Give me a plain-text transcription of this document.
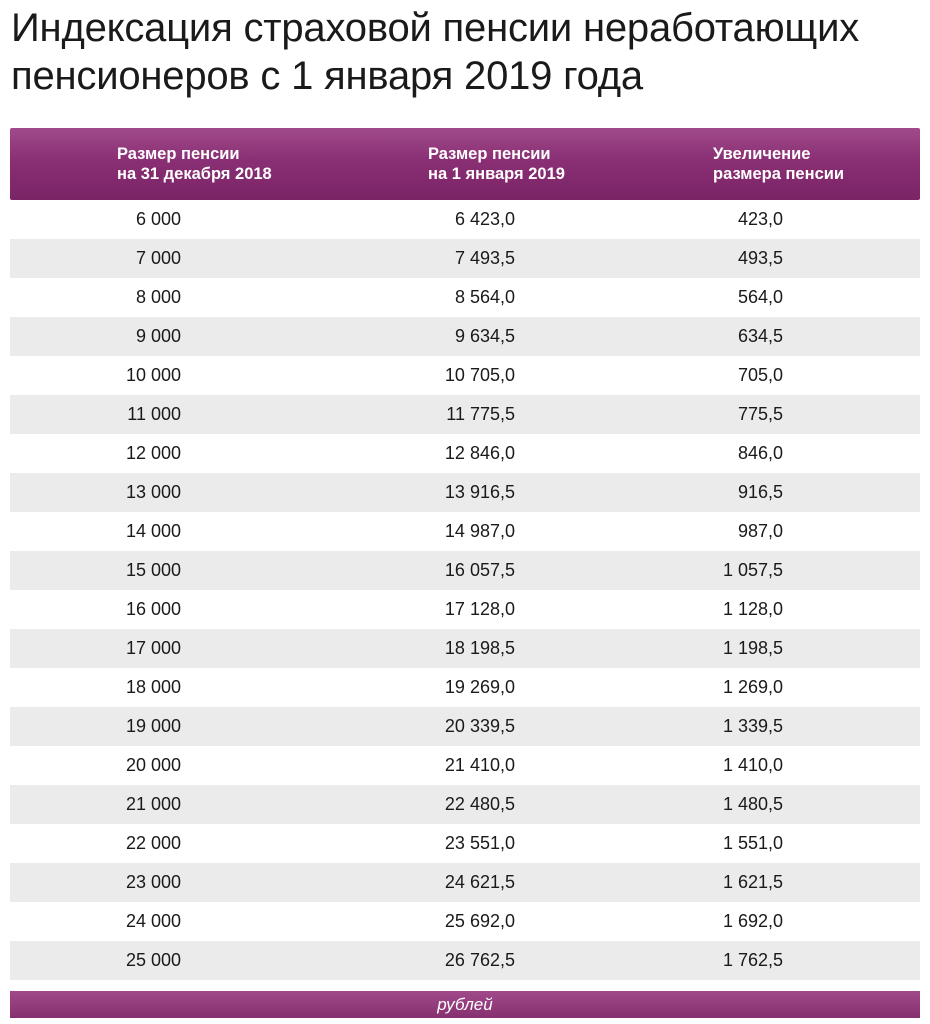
Индексация страховой пенсии неработающих
пенсионеров с 1 января 2019 года
Размер пенсии
на 31 декабря 2018
Размер пенсии
на 1 января 2019
Увеличение
размера пенсии
6 000	6 423,0	423,0
7 000	7 493,5	493,5
8 000	8 564,0	564,0
9 000	9 634,5	634,5
10 000	10 705,0	705,0
11 000	11 775,5	775,5
12 000	12 846,0	846,0
13 000	13 916,5	916,5
14 000	14 987,0	987,0
15 000	16 057,5	1 057,5
16 000	17 128,0	1 128,0
17 000	18 198,5	1 198,5
18 000	19 269,0	1 269,0
19 000	20 339,5	1 339,5
20 000	21 410,0	1 410,0
21 000	22 480,5	1 480,5
22 000	23 551,0	1 551,0
23 000	24 621,5	1 621,5
24 000	25 692,0	1 692,0
25 000	26 762,5	1 762,5
рублей
